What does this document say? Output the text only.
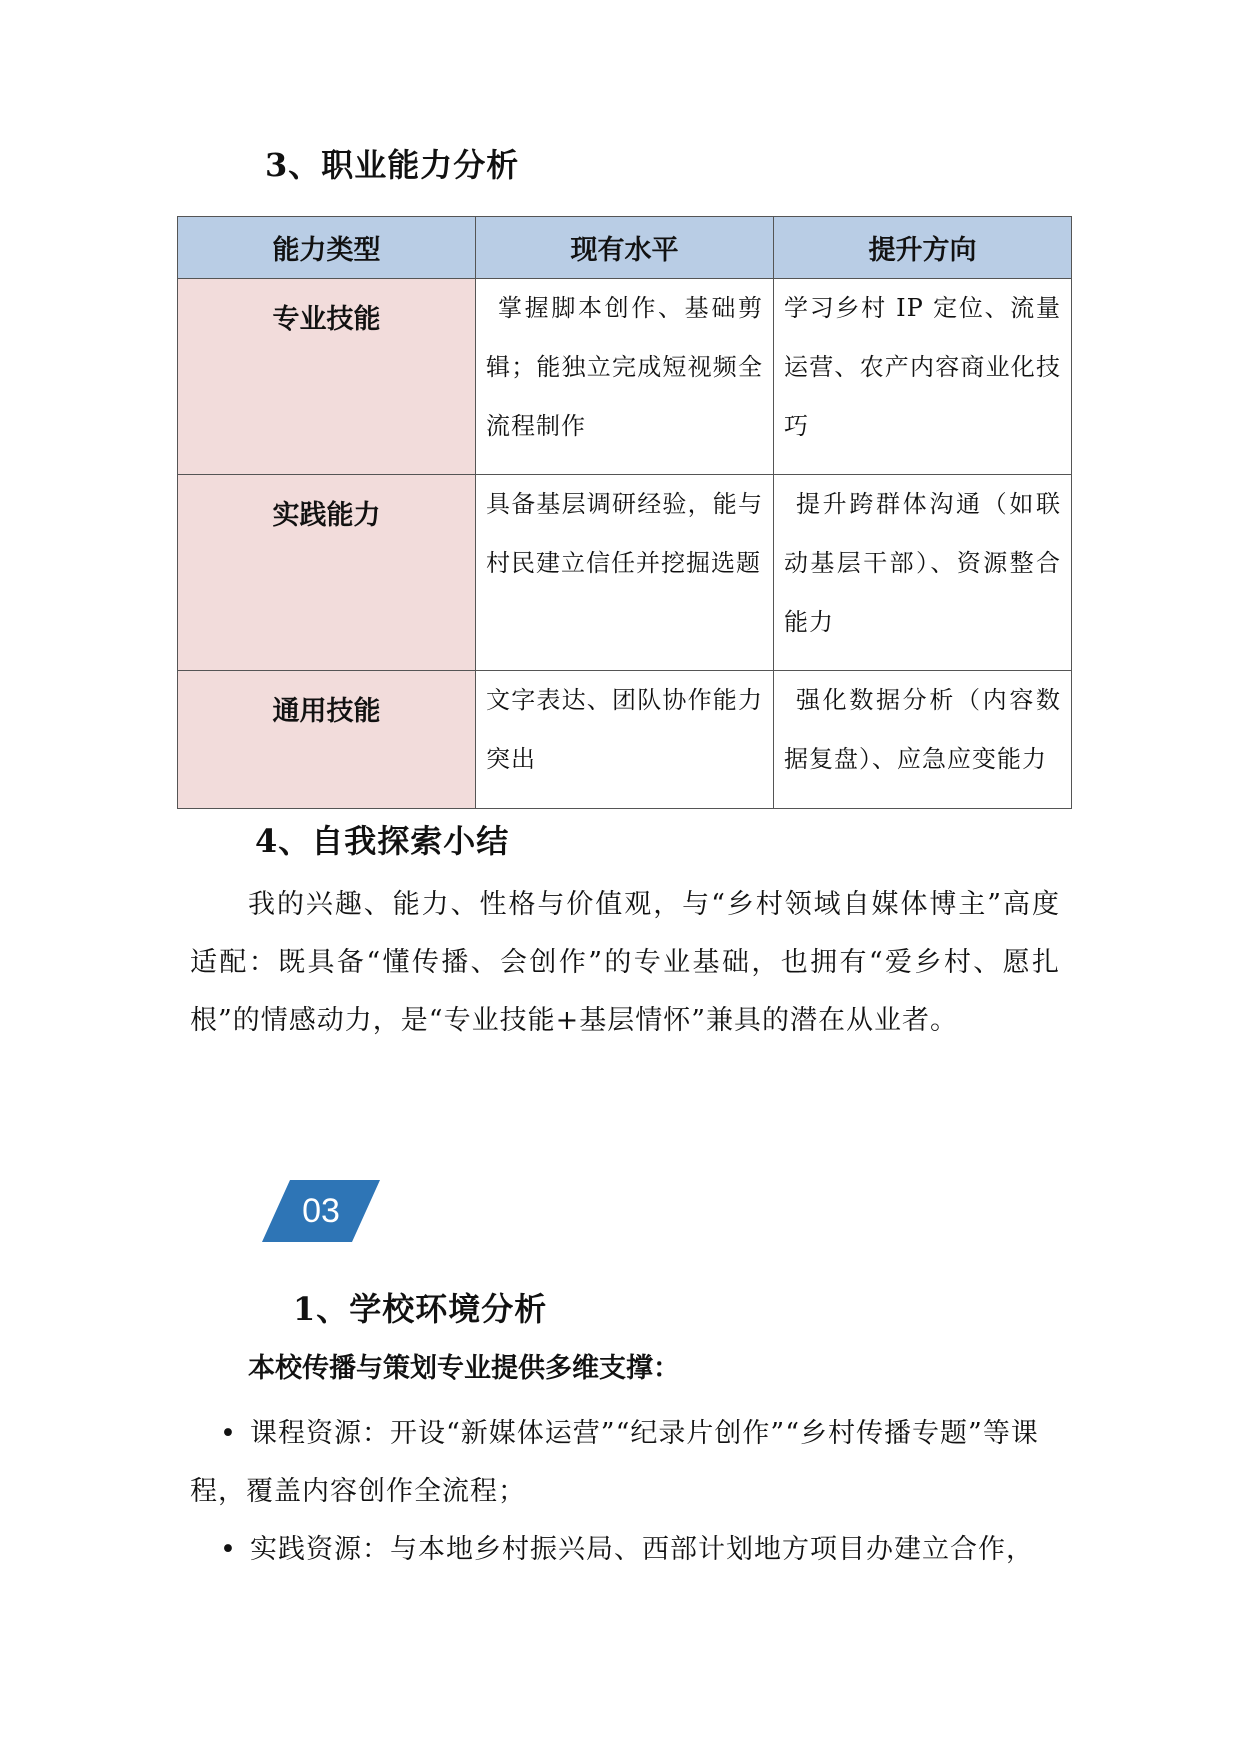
3、职业能力分析
能力类型	现有水平	提升方向
专业技能	掌握脚本创作、基础剪辑；能独立完成短视频全流程制作	学习乡村 IP 定位、流量运营、农产内容商业化技巧
实践能力	具备基层调研经验，能与村民建立信任并挖掘选题	提升跨群体沟通（如联动基层干部）、资源整合能力
通用技能	文字表达、团队协作能力突出	强化数据分析（内容数据复盘）、应急应变能力
4、自我探索小结

我的兴趣、能力、性格与价值观，与“乡村领域自媒体博主”高度适配：既具备“懂传播、会创作”的专业基础，也拥有“爱乡村、愿扎根”的情感动力，是“专业技能+基层情怀”兼具的潜在从业者。

03
1、学校环境分析

本校传播与策划专业提供多维支撑：

• 课程资源：开设“新媒体运营”“纪录片创作”“乡村传播专题”等课程，覆盖内容创作全流程；

• 实践资源：与本地乡村振兴局、西部计划地方项目办建立合作，
